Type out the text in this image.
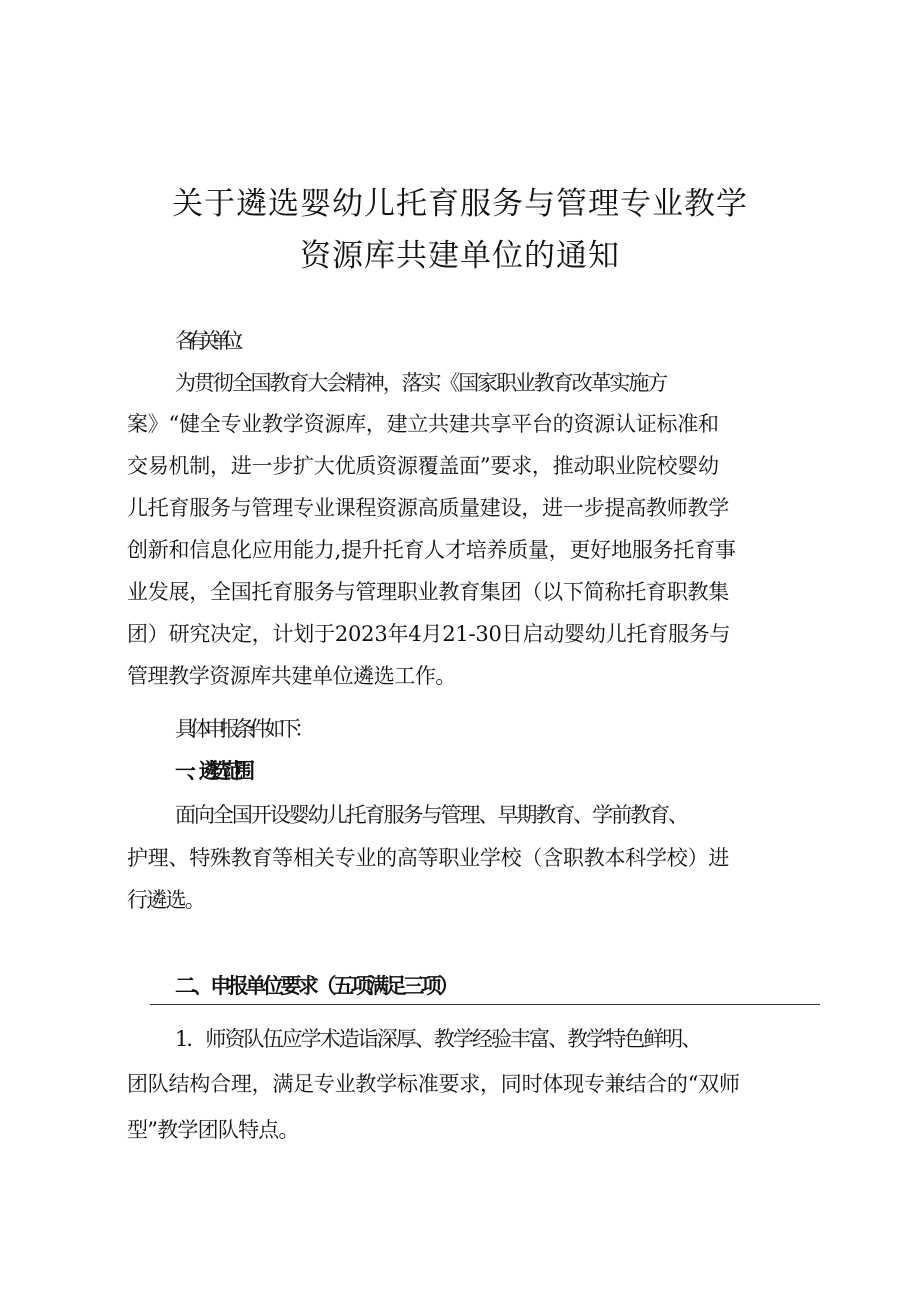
关于遴选婴幼儿托育服务与管理专业教学
资源库共建单位的通知
各有关单位：
为贯彻全国教育大会精神，落实《国家职业教育改革实施方
案》“健全专业教学资源库，建立共建共享平台的资源认证标准和
交易机制，进一步扩大优质资源覆盖面”要求，推动职业院校婴幼
儿托育服务与管理专业课程资源高质量建设，进一步提高教师教学
创新和信息化应用能力,提升托育人才培养质量，更好地服务托育事
业发展，全国托育服务与管理职业教育集团（以下简称托育职教集
团）研究决定，计划于2023年4月21-30日启动婴幼儿托育服务与
管理教学资源库共建单位遴选工作。
具体申报条件如下：
一、遴选范围
面向全国开设婴幼儿托育服务与管理、早期教育、学前教育、
护理、特殊教育等相关专业的高等职业学校（含职教本科学校）进
行遴选。
二、申报单位要求（五项满足三项）
1．师资队伍应学术造诣深厚、教学经验丰富、教学特色鲜明、
团队结构合理，满足专业教学标准要求，同时体现专兼结合的“双师
型”教学团队特点。
